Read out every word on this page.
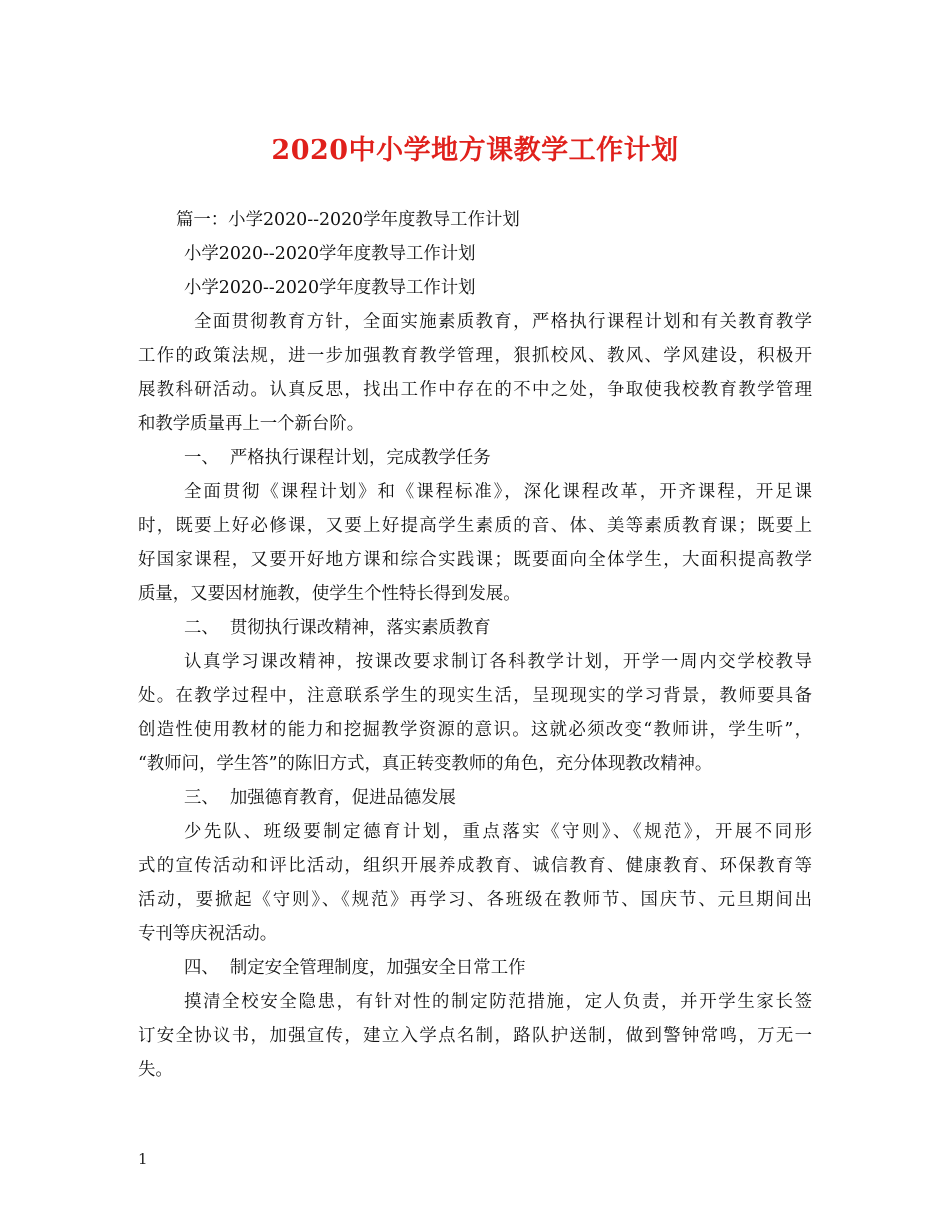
2020中小学地方课教学工作计划
篇一：小学2020--2020学年度教导工作计划
小学2020--2020学年度教导工作计划
小学2020--2020学年度教导工作计划
全面贯彻教育方针，全面实施素质教育，严格执行课程计划和有关教育教学
工作的政策法规，进一步加强教育教学管理，狠抓校风、教风、学风建设，积极开
展教科研活动。认真反思，找出工作中存在的不中之处，争取使我校教育教学管理
和教学质量再上一个新台阶。
一、  严格执行课程计划，完成教学任务
全面贯彻《课程计划》和《课程标准》，深化课程改革，开齐课程，开足课
时，既要上好必修课，又要上好提高学生素质的音、体、美等素质教育课；既要上
好国家课程，又要开好地方课和综合实践课；既要面向全体学生，大面积提高教学
质量，又要因材施教，使学生个性特长得到发展。
二、  贯彻执行课改精神，落实素质教育
认真学习课改精神，按课改要求制订各科教学计划，开学一周内交学校教导
处。在教学过程中，注意联系学生的现实生活，呈现现实的学习背景，教师要具备
创造性使用教材的能力和挖掘教学资源的意识。这就必须改变“教师讲，学生听”，
“教师问，学生答”的陈旧方式，真正转变教师的角色，充分体现教改精神。
三、  加强德育教育，促进品德发展
少先队、班级要制定德育计划，重点落实《守则》、《规范》，开展不同形
式的宣传活动和评比活动，组织开展养成教育、诚信教育、健康教育、环保教育等
活动，要掀起《守则》、《规范》再学习、各班级在教师节、国庆节、元旦期间出
专刊等庆祝活动。
四、  制定安全管理制度，加强安全日常工作
摸清全校安全隐患，有针对性的制定防范措施，定人负责，并开学生家长签
订安全协议书，加强宣传，建立入学点名制，路队护送制，做到警钟常鸣，万无一
失。
1
